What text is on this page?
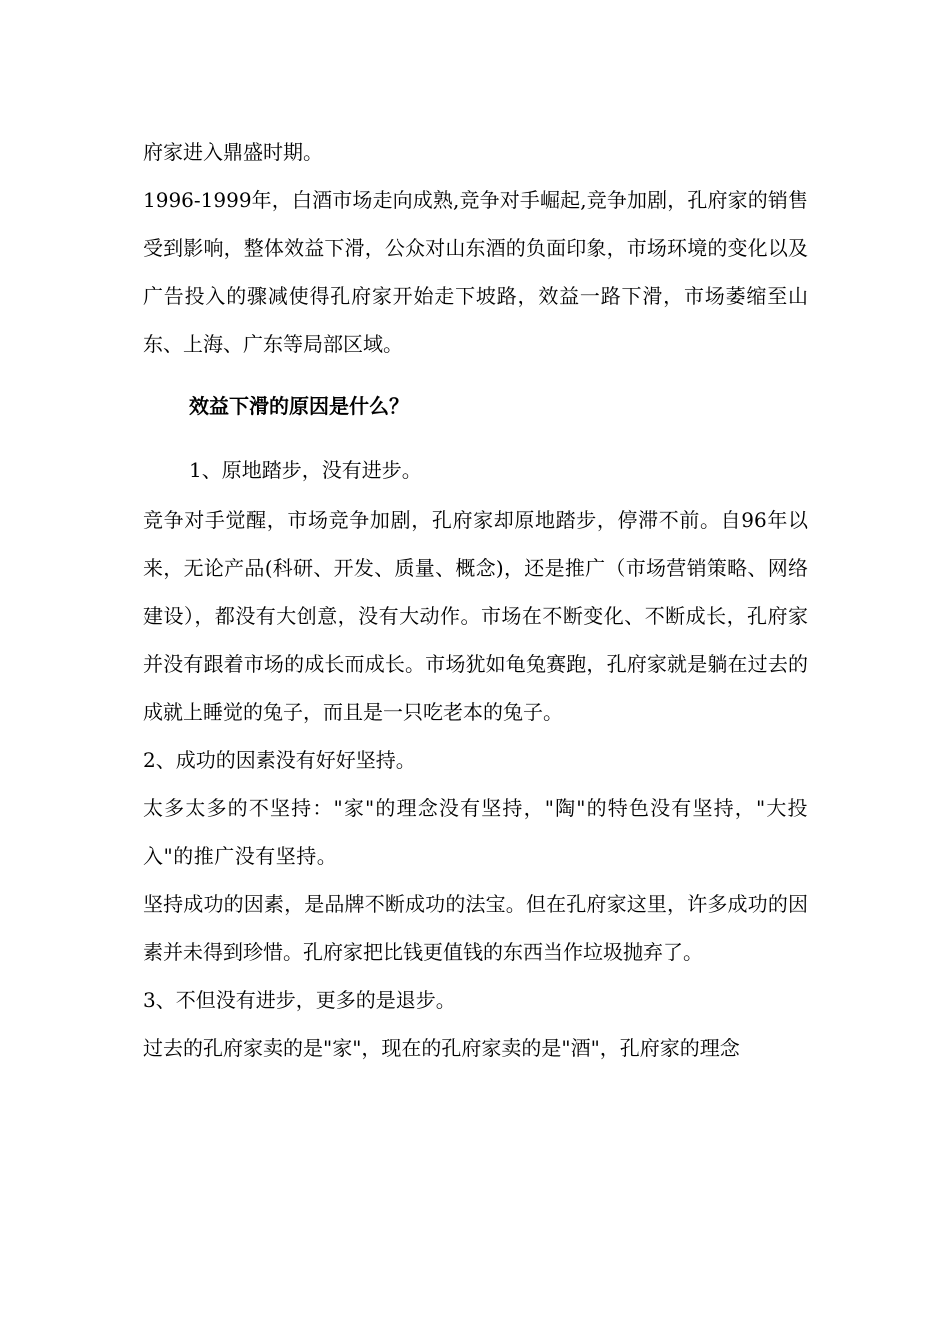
府家进入鼎盛时期。

1996-1999年，白酒市场走向成熟,竞争对手崛起,竞争加剧，孔府家的销售受到影响，整体效益下滑，公众对山东酒的负面印象，市场环境的变化以及广告投入的骤减使得孔府家开始走下坡路，效益一路下滑，市场萎缩至山东、上海、广东等局部区域。

效益下滑的原因是什么？

1、原地踏步，没有进步。

竞争对手觉醒，市场竞争加剧，孔府家却原地踏步，停滞不前。自96年以来，无论产品(科研、开发、质量、概念)，还是推广（市场营销策略、网络建设），都没有大创意，没有大动作。市场在不断变化、不断成长，孔府家并没有跟着市场的成长而成长。市场犹如龟兔赛跑，孔府家就是躺在过去的成就上睡觉的兔子，而且是一只吃老本的兔子。

2、成功的因素没有好好坚持。

太多太多的不坚持："家"的理念没有坚持，"陶"的特色没有坚持，"大投入"的推广没有坚持。

坚持成功的因素，是品牌不断成功的法宝。但在孔府家这里，许多成功的因素并未得到珍惜。孔府家把比钱更值钱的东西当作垃圾抛弃了。

3、不但没有进步，更多的是退步。

过去的孔府家卖的是"家"，现在的孔府家卖的是"酒"，孔府家的理念
